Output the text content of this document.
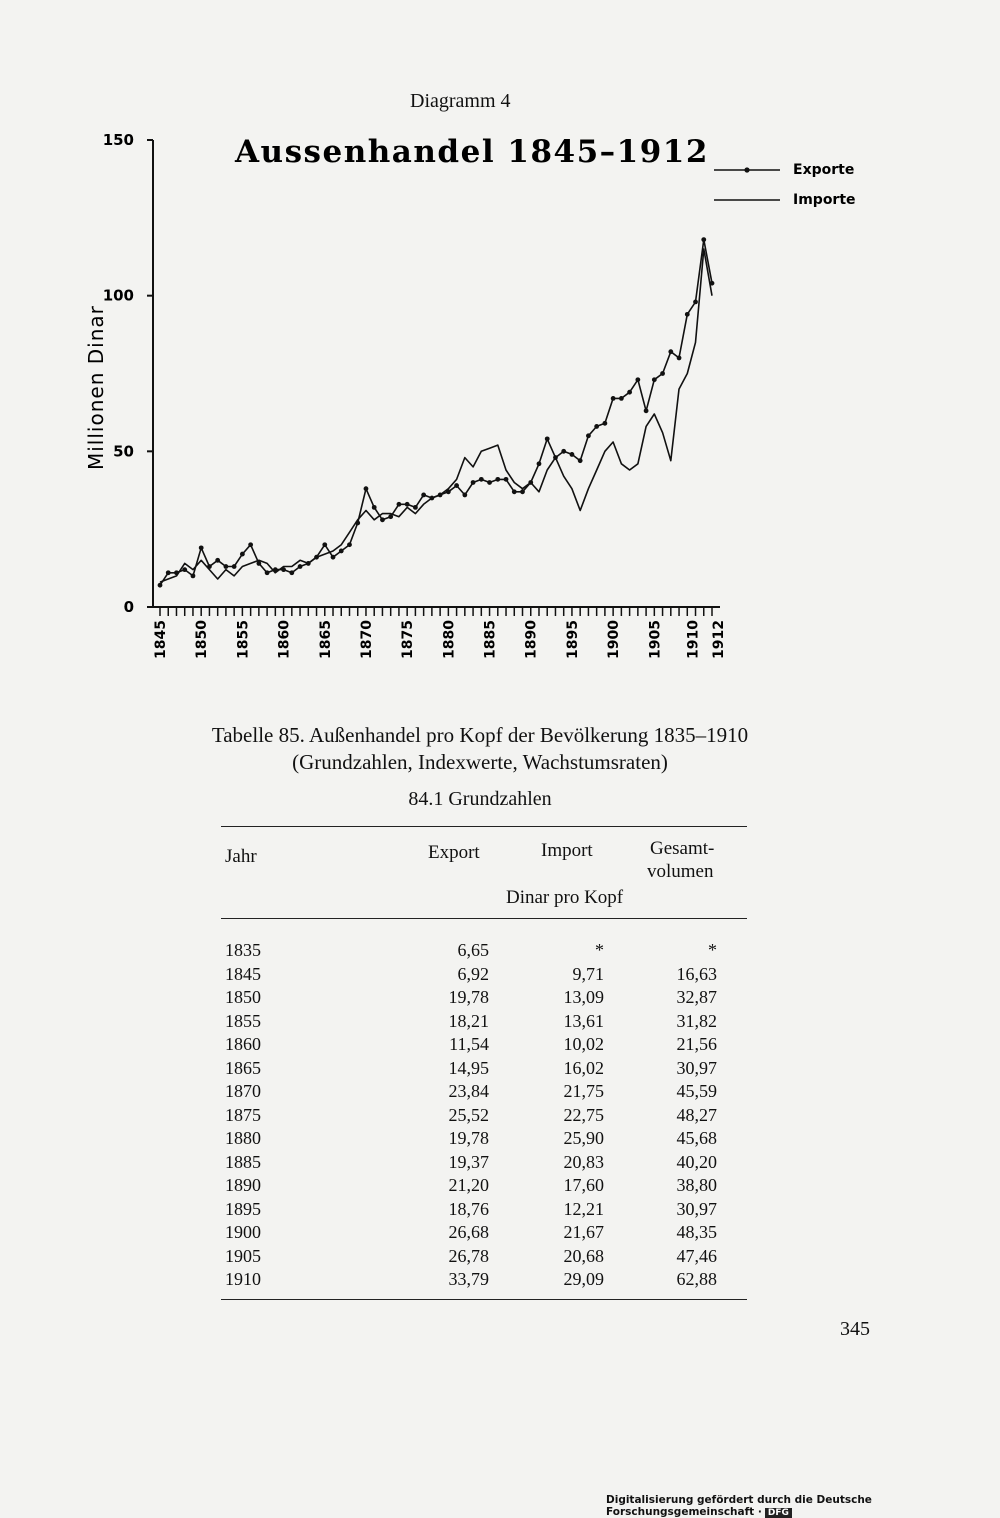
Diagramm 4
0
50
100
150
1845 1850 1855 1860 1865 1870 1875 1880 1885 1890 1895 1900 1905 1910 1912
Aussenhandel 1845–1912
Millionen Dinar
Exporte
Importe
Tabelle 85. Außenhandel pro Kopf der Bevölkerung 1835–1910
(Grundzahlen, Indexwerte, Wachstumsraten)
84.1 Grundzahlen
Jahr	Export	Import	Gesamt-
volumen
Dinar pro Kopf
1835	6,65	*	*
1845	6,92	9,71	16,63
1850	19,78	13,09	32,87
1855	18,21	13,61	31,82
1860	11,54	10,02	21,56
1865	14,95	16,02	30,97
1870	23,84	21,75	45,59
1875	25,52	22,75	48,27
1880	19,78	25,90	45,68
1885	19,37	20,83	40,20
1890	21,20	17,60	38,80
1895	18,76	12,21	30,97
1900	26,68	21,67	48,35
1905	26,78	20,68	47,46
1910	33,79	29,09	62,88
345
Digitalisierung gefördert durch die Deutsche Forschungsgemeinschaft · DFG
